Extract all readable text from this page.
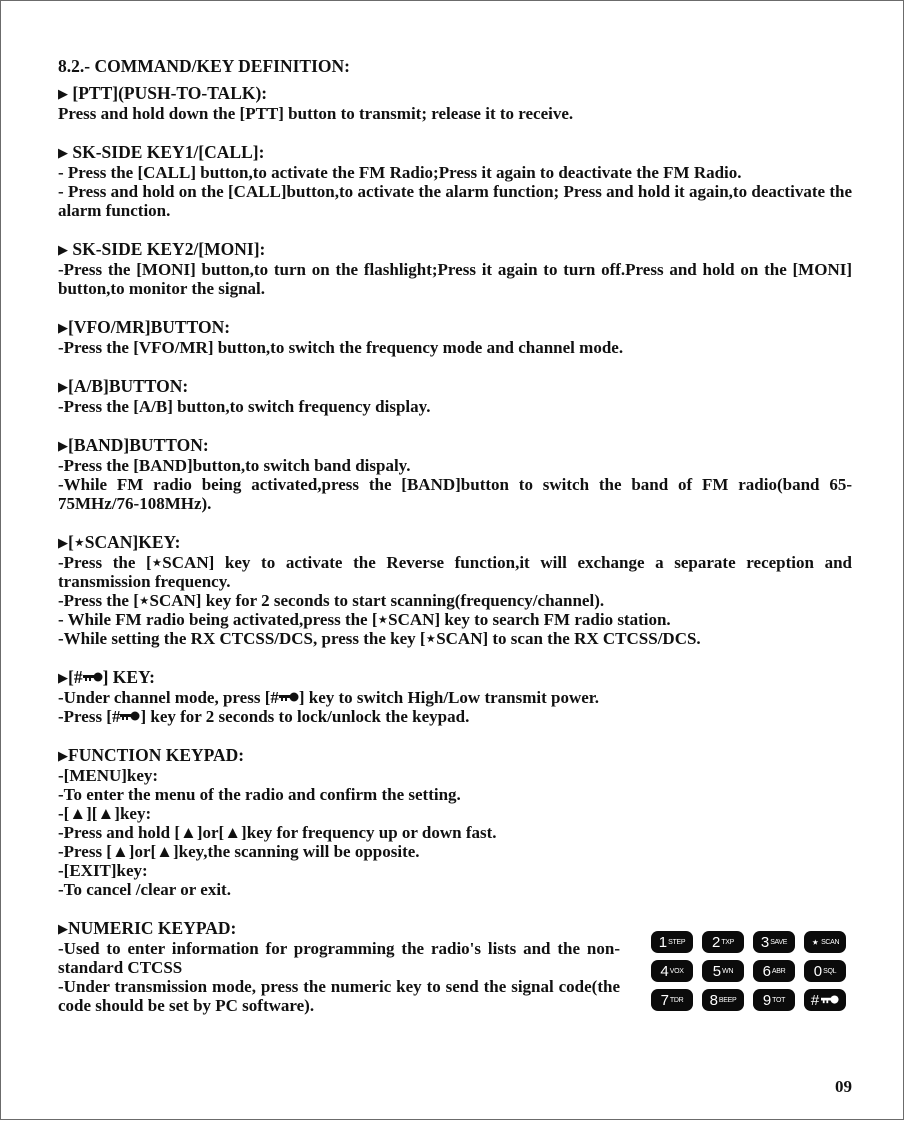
8.2.- COMMAND/KEY DEFINITION:

▶ [PTT](PUSH-TO-TALK):

Press and hold down the [PTT] button to transmit; release it to receive.

▶ SK-SIDE KEY1/[CALL]:

- Press the [CALL] button,to activate the FM Radio;Press it again to deactivate the FM Radio.

- Press and hold on the [CALL]button,to activate the alarm function; Press and hold it again,to deactivate the alarm function.

▶ SK-SIDE KEY2/[MONI]:

-Press the [MONI] button,to turn on the flashlight;Press it again to turn off.Press and hold on the [MONI] button,to monitor the signal.

▶[VFO/MR]BUTTON:

-Press the [VFO/MR] button,to switch the frequency mode and channel mode.

▶[A/B]BUTTON:

-Press the [A/B] button,to switch frequency display.

▶[BAND]BUTTON:

-Press the [BAND]button,to switch band dispaly.

-While FM radio being activated,press the [BAND]button to switch the band of FM radio(band 65-75MHz/76-108MHz).

▶[⋆SCAN]KEY:

-Press the [⋆SCAN] key to activate the Reverse function,it will exchange a separate reception and transmission frequency.

-Press the [⋆SCAN] key for 2 seconds to start scanning(frequency/channel).

- While FM radio being activated,press the [⋆SCAN] key to search FM radio station.

-While setting the RX CTCSS/DCS, press the key [⋆SCAN] to scan the RX CTCSS/DCS.

▶[# ] KEY:

-Under channel mode, press [# ] key to switch High/Low transmit power.

-Press [# ] key for 2 seconds to lock/unlock the keypad.

▶FUNCTION KEYPAD:

-[MENU]key:

-To enter the menu of the radio and confirm the setting.

-[▲][▲]key:

-Press and hold [▲]or[▲]key for frequency up or down fast.

-Press [▲]or[▲]key,the scanning will be opposite.

-[EXIT]key:

-To cancel /clear or exit.

▶NUMERIC KEYPAD:

-Used to enter information for programming the radio's lists and the non-standard CTCSS

-Under transmission mode, press the numeric key to send the signal code(the code should be set by PC software).

1 STEP 2 TXP 3 SAVE ⋆ SCAN
4 VOX 5 WN 6 ABR 0 SQL
7 TDR 8 BEEP 9 TOT #
09
